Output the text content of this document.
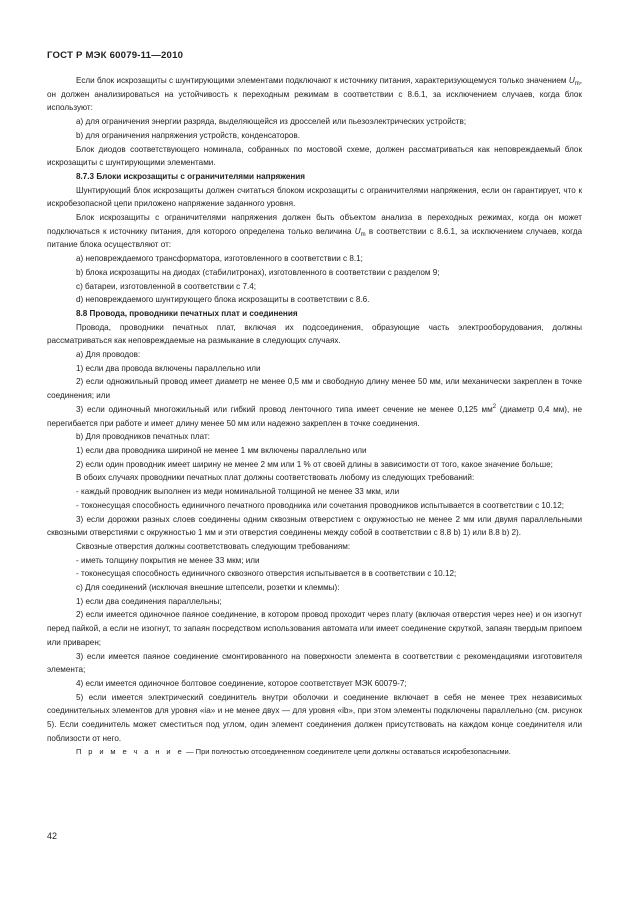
ГОСТ Р МЭК 60079-11—2010
Если блок искрозащиты с шунтирующими элементами подключают к источнику питания, характеризующемуся только значением $U_m$, он должен анализироваться на устойчивость к переходным режимам в соответствии с 8.6.1, за исключением случаев, когда блок используют:
а) для ограничения энергии разряда, выделяющейся из дросселей или пьезоэлектрических устройств;
b) для ограничения напряжения устройств, конденсаторов.
Блок диодов соответствующего номинала, собранных по мостовой схеме, должен рассматриваться как неповреждаемый блок искрозащиты с шунтирующими элементами.
8.7.3 Блоки искрозащиты с ограничителями напряжения
Шунтирующий блок искрозащиты должен считаться блоком искрозащиты с ограничителями напряжения, если он гарантирует, что к искробезопасной цепи приложено напряжение заданного уровня.
Блок искрозащиты с ограничителями напряжения должен быть объектом анализа в переходных режимах, когда он может подключаться к источнику питания, для которого определена только величина $U_m$ в соответствии с 8.6.1, за исключением случаев, когда питание блока осуществляют от:
а) неповреждаемого трансформатора, изготовленного в соответствии с 8.1;
b) блока искрозащиты на диодах (стабилитронах), изготовленного в соответствии с разделом 9;
c) батареи, изготовленной в соответствии с 7.4;
d) неповреждаемого шунтирующего блока искрозащиты в соответствии с 8.6.
8.8 Провода, проводники печатных плат и соединения
Провода, проводники печатных плат, включая их подсоединения, образующие часть электрооборудования, должны рассматриваться как неповреждаемые на размыкание в следующих случаях.
а) Для проводов:
1) если два провода включены параллельно или
2) если одножильный провод имеет диаметр не менее 0,5 мм и свободную длину менее 50 мм, или механически закреплен в точке соединения; или
3) если одиночный многожильный или гибкий провод ленточного типа имеет сечение не менее 0,125 $мм^2$ (диаметр 0,4 мм), не перегибается при работе и имеет длину менее 50 мм или надежно закреплен в точке соединения.
b) Для проводников печатных плат:
1) если два проводника шириной не менее 1 мм включены параллельно или
2) если один проводник имеет ширину не менее 2 мм или 1 % от своей длины в зависимости от того, какое значение больше;
В обоих случаях проводники печатных плат должны соответствовать любому из следующих требований:
- каждый проводник выполнен из меди номинальной толщиной не менее 33 мкм, или
- токонесущая способность единичного печатного проводника или сочетания проводников испытывается в соответствии с 10.12;
3) если дорожки разных слоев соединены одним сквозным отверстием с окружностью не менее 2 мм или двумя параллельными сквозными отверстиями с окружностью 1 мм и эти отверстия соединены между собой в соответствии с 8.8 b) 1) или 8.8 b) 2).
Сквозные отверстия должны соответствовать следующим требованиям:
- иметь толщину покрытия не менее 33 мкм; или
- токонесущая способность единичного сквозного отверстия испытывается в в соответствии с 10.12;
c) Для соединений (исключая внешние штепсели, розетки и клеммы):
1) если два соединения параллельны;
2) если имеется одиночное паяное соединение, в котором провод проходит через плату (включая отверстия через нее) и он изогнут перед пайкой, а если не изогнут, то запаян посредством использования автомата или имеет соединение скруткой, запаян твердым припоем или приварен;
3) если имеется паяное соединение смонтированного на поверхности элемента в соответствии с рекомендациями изготовителя элемента;
4) если имеется одиночное болтовое соединение, которое соответствует МЭК 60079-7;
5) если имеется электрический соединитель внутри оболочки и соединение включает в себя не менее трех независимых соединительных элементов для уровня «ia» и не менее двух — для уровня «ib», при этом элементы подключены параллельно (см. рисунок 5). Если соединитель может сместиться под углом, один элемент соединения должен присутствовать на каждом конце соединителя или поблизости от него.
П р и м е ч а н и е — При полностью отсоединенном соединителе цепи должны оставаться искробезопасными.
42
